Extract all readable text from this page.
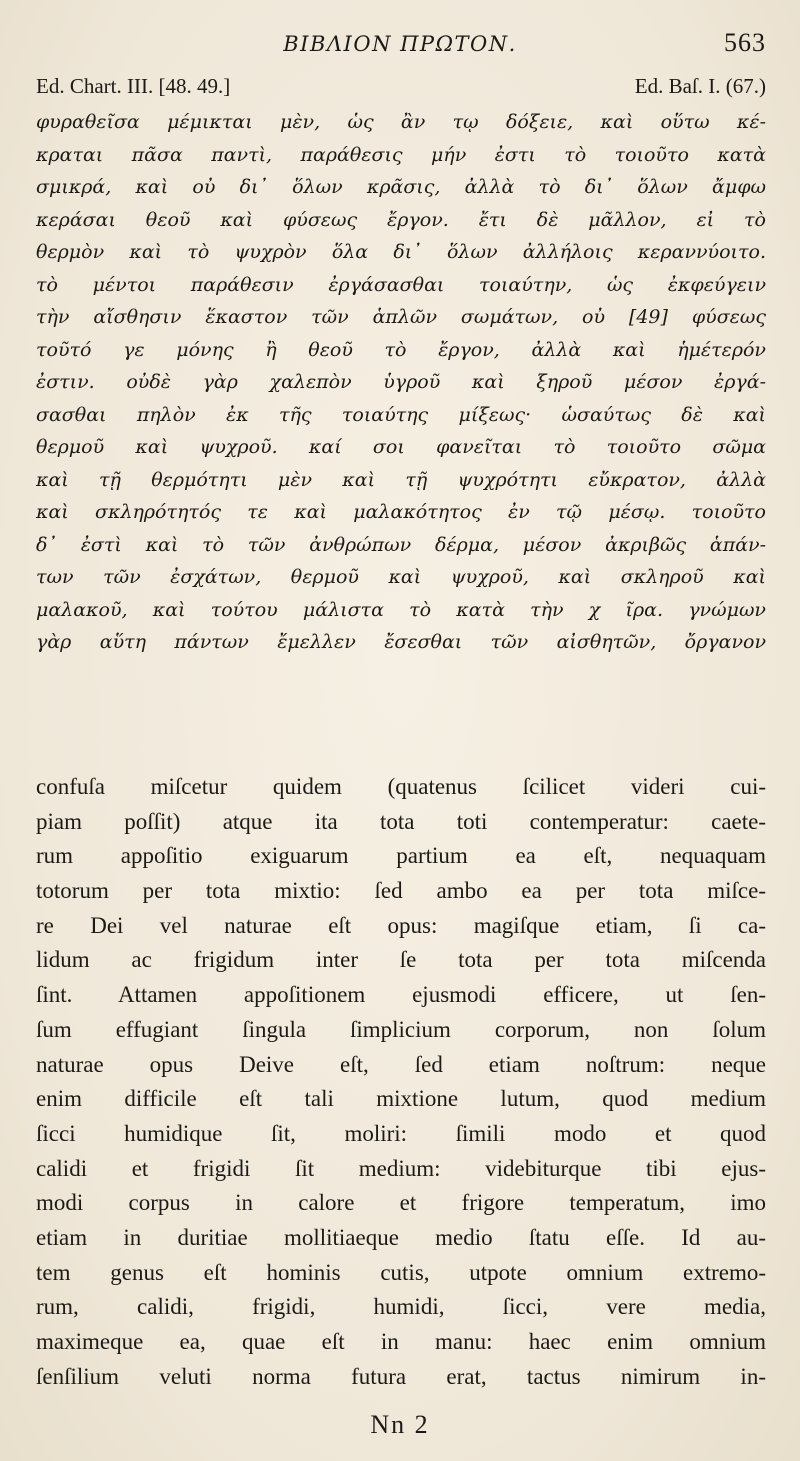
ΒΙΒΛΙΟΝ ΠΡΩΤΟΝ.	563
Ed. Chart. III. [48. 49.]	Ed. Baſ. I. (67.)
φυραθεῖσα μέμικται μὲν, ὡς ἂν τῳ δόξειε, καὶ οὕτω κέ-
κραται πᾶσα παντὶ, παράθεσις μήν ἐστι τὸ τοιοῦτο κατὰ
σμικρά, καὶ οὐ δι᾽ ὅλων κρᾶσις, ἀλλὰ τὸ δι᾽ ὅλων ἄμφω
κεράσαι θεοῦ καὶ φύσεως ἔργον. ἔτι δὲ μᾶλλον, εἰ τὸ
θερμὸν καὶ τὸ ψυχρὸν ὅλα δι᾽ ὅλων ἀλλήλοις κεραννύοιτο.
τὸ μέντοι παράθεσιν ἐργάσασθαι τοιαύτην, ὡς ἐκφεύγειν
τὴν αἴσθησιν ἕκαστον τῶν ἁπλῶν σωμάτων, οὐ [49] φύσεως
τοῦτό γε μόνης ἢ θεοῦ τὸ ἔργον, ἀλλὰ καὶ ἡμέτερόν
ἐστιν. οὐδὲ γὰρ χαλεπὸν ὑγροῦ καὶ ξηροῦ μέσον ἐργά-
σασθαι πηλὸν ἐκ τῆς τοιαύτης μίξεως· ὡσαύτως δὲ καὶ
θερμοῦ καὶ ψυχροῦ. καί σοι φανεῖται τὸ τοιοῦτο σῶμα
καὶ τῇ θερμότητι μὲν καὶ τῇ ψυχρότητι εὔκρατον, ἀλλὰ
καὶ σκληρότητός τε καὶ μαλακότητος ἐν τῷ μέσῳ. τοιοῦτο
δ᾽ ἐστὶ καὶ τὸ τῶν ἀνθρώπων δέρμα, μέσον ἀκριβῶς ἁπάν-
των τῶν ἐσχάτων, θερμοῦ καὶ ψυχροῦ, καὶ σκληροῦ καὶ
μαλακοῦ, καὶ τούτου μάλιστα τὸ κατὰ τὴν χ ῖρα. γνώμων
γὰρ αὕτη πάντων ἔμελλεν ἔσεσθαι τῶν αἰσθητῶν, ὄργανον
confuſa miſcetur quidem (quatenus ſcilicet videri cui-
piam poſſit) atque ita tota toti contemperatur: caete-
rum appoſitio exiguarum partium ea eſt, nequaquam
totorum per tota mixtio: ſed ambo ea per tota miſce-
re Dei vel naturae eſt opus: magiſque etiam, ſi ca-
lidum ac frigidum inter ſe tota per tota miſcenda
ſint. Attamen appoſitionem ejusmodi efficere, ut ſen-
ſum effugiant ſingula ſimplicium corporum, non ſolum
naturae opus Deive eſt, ſed etiam noſtrum: neque
enim difficile eſt tali mixtione lutum, quod medium
ſicci humidique ſit, moliri: ſimili modo et quod
calidi et frigidi ſit medium: videbiturque tibi ejus-
modi corpus in calore et frigore temperatum, imo
etiam in duritiae mollitiaeque medio ſtatu eſſe. Id au-
tem genus eſt hominis cutis, utpote omnium extremo-
rum, calidi, frigidi, humidi, ſicci, vere media,
maximeque ea, quae eſt in manu: haec enim omnium
ſenſilium veluti norma futura erat, tactus nimirum in-
Nn 2
